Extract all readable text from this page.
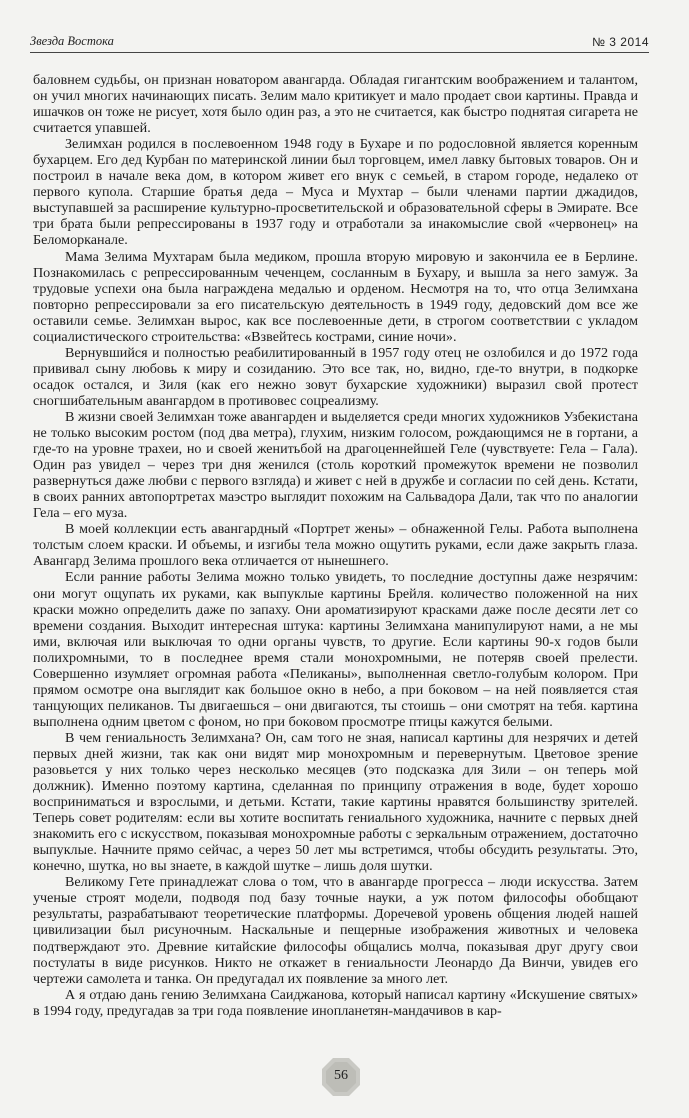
Звезда Востока	№ 3 2014

баловнем судьбы, он признан новатором авангарда. Обладая гигантским воображением и талантом, он учил многих начинающих писать. Зелим мало критикует и мало продает свои картины. Правда и ишачков он тоже не рисует, хотя было один раз, а это не считается, как быстро поднятая сигарета не считается упавшей.

Зелимхан родился в послевоенном 1948 году в Бухаре и по родословной является коренным бухарцем. Его дед Курбан по материнской линии был торговцем, имел лавку бытовых товаров. Он и построил в начале века дом, в котором живет его внук с семьей, в старом городе, недалеко от первого купола. Старшие братья деда – Муса и Мухтар – были членами партии джадидов, выступавшей за расширение культурно-просветительской и образовательной сферы в Эмирате. Все три брата были репрессированы в 1937 году и отработали за инакомыслие свой «червонец» на Беломорканале.

Мама Зелима Мухтарам была медиком, прошла вторую мировую и закончила ее в Берлине. Познакомилась с репрессированным чеченцем, сосланным в Бухару, и вышла за него замуж. За трудовые успехи она была награждена медалью и орденом. Несмотря на то, что отца Зелимхана повторно репрессировали за его писательскую деятельность в 1949 году, дедовский дом все же оставили семье. Зелимхан вырос, как все послевоенные дети, в строгом соответствии с укладом социалистического строительства: «Взвейтесь кострами, синие ночи».

Вернувшийся и полностью реабилитированный в 1957 году отец не озлобился и до 1972 года прививал сыну любовь к миру и созиданию. Это все так, но, видно, где-то внутри, в подкорке осадок остался, и Зиля (как его нежно зовут бухарские художники) выразил свой протест сногшибательным авангардом в противовес соцреализму.

В жизни своей Зелимхан тоже авангарден и выделяется среди многих художников Узбекистана не только высоким ростом (под два метра), глухим, низким голосом, рождающимся не в гортани, а где-то на уровне трахеи, но и своей женитьбой на драгоценнейшей Геле (чувствуете: Гела – Гала). Один раз увидел – через три дня женился (столь короткий промежуток времени не позволил развернуться даже любви с первого взгляда) и живет с ней в дружбе и согласии по сей день. Кстати, в своих ранних автопортретах маэстро выглядит похожим на Сальвадора Дали, так что по аналогии Гела – его муза.

В моей коллекции есть авангардный «Портрет жены» – обнаженной Гелы. Работа выполнена толстым слоем краски. И объемы, и изгибы тела можно ощутить руками, если даже закрыть глаза. Авангард Зелима прошлого века отличается от нынешнего.

Если ранние работы Зелима можно только увидеть, то последние доступны даже незрячим: они могут ощупать их руками, как выпуклые картины Брейля. количество положенной на них краски можно определить даже по запаху. Они ароматизируют красками даже после десяти лет со времени создания. Выходит интересная штука: картины Зелимхана манипулируют нами, а не мы ими, включая или выключая то одни органы чувств, то другие. Если картины 90-х годов были полихромными, то в последнее время стали монохромными, не потеряв своей прелести. Совершенно изумляет огромная работа «Пеликаны», выполненная светло-голубым колором. При прямом осмотре она выглядит как большое окно в небо, а при боковом – на ней появляется стая танцующих пеликанов. Ты двигаешься – они двигаются, ты стоишь – они смотрят на тебя. картина выполнена одним цветом с фоном, но при боковом просмотре птицы кажутся белыми.

В чем гениальность Зелимхана? Он, сам того не зная, написал картины для незрячих и детей первых дней жизни, так как они видят мир монохромным и перевернутым. Цветовое зрение разовьется у них только через несколько месяцев (это подсказка для Зили – он теперь мой должник). Именно поэтому картина, сделанная по принципу отражения в воде, будет хорошо восприниматься и взрослыми, и детьми. Кстати, такие картины нравятся большинству зрителей. Теперь совет родителям: если вы хотите воспитать гениального художника, начните с первых дней знакомить его с искусством, показывая монохромные работы с зеркальным отражением, достаточно выпуклые. Начните прямо сейчас, а через 50 лет мы встретимся, чтобы обсудить результаты. Это, конечно, шутка, но вы знаете, в каждой шутке – лишь доля шутки.

Великому Гете принадлежат слова о том, что в авангарде прогресса – люди искусства. Затем ученые строят модели, подводя под базу точные науки, а уж потом философы обобщают результаты, разрабатывают теоретические платформы. Доречевой уровень общения людей нашей цивилизации был рисуночным. Наскальные и пещерные изображения животных и человека подтверждают это. Древние китайские философы общались молча, показывая друг другу свои постулаты в виде рисунков. Никто не откажет в гениальности Леонардо Да Винчи, увидев его чертежи самолета и танка. Он предугадал их появление за много лет.

А я отдаю дань гению Зелимхана Саиджанова, который написал картину «Искушение святых» в 1994 году, предугадав за три года появление инопланетян-мандачивов в кар-

56
